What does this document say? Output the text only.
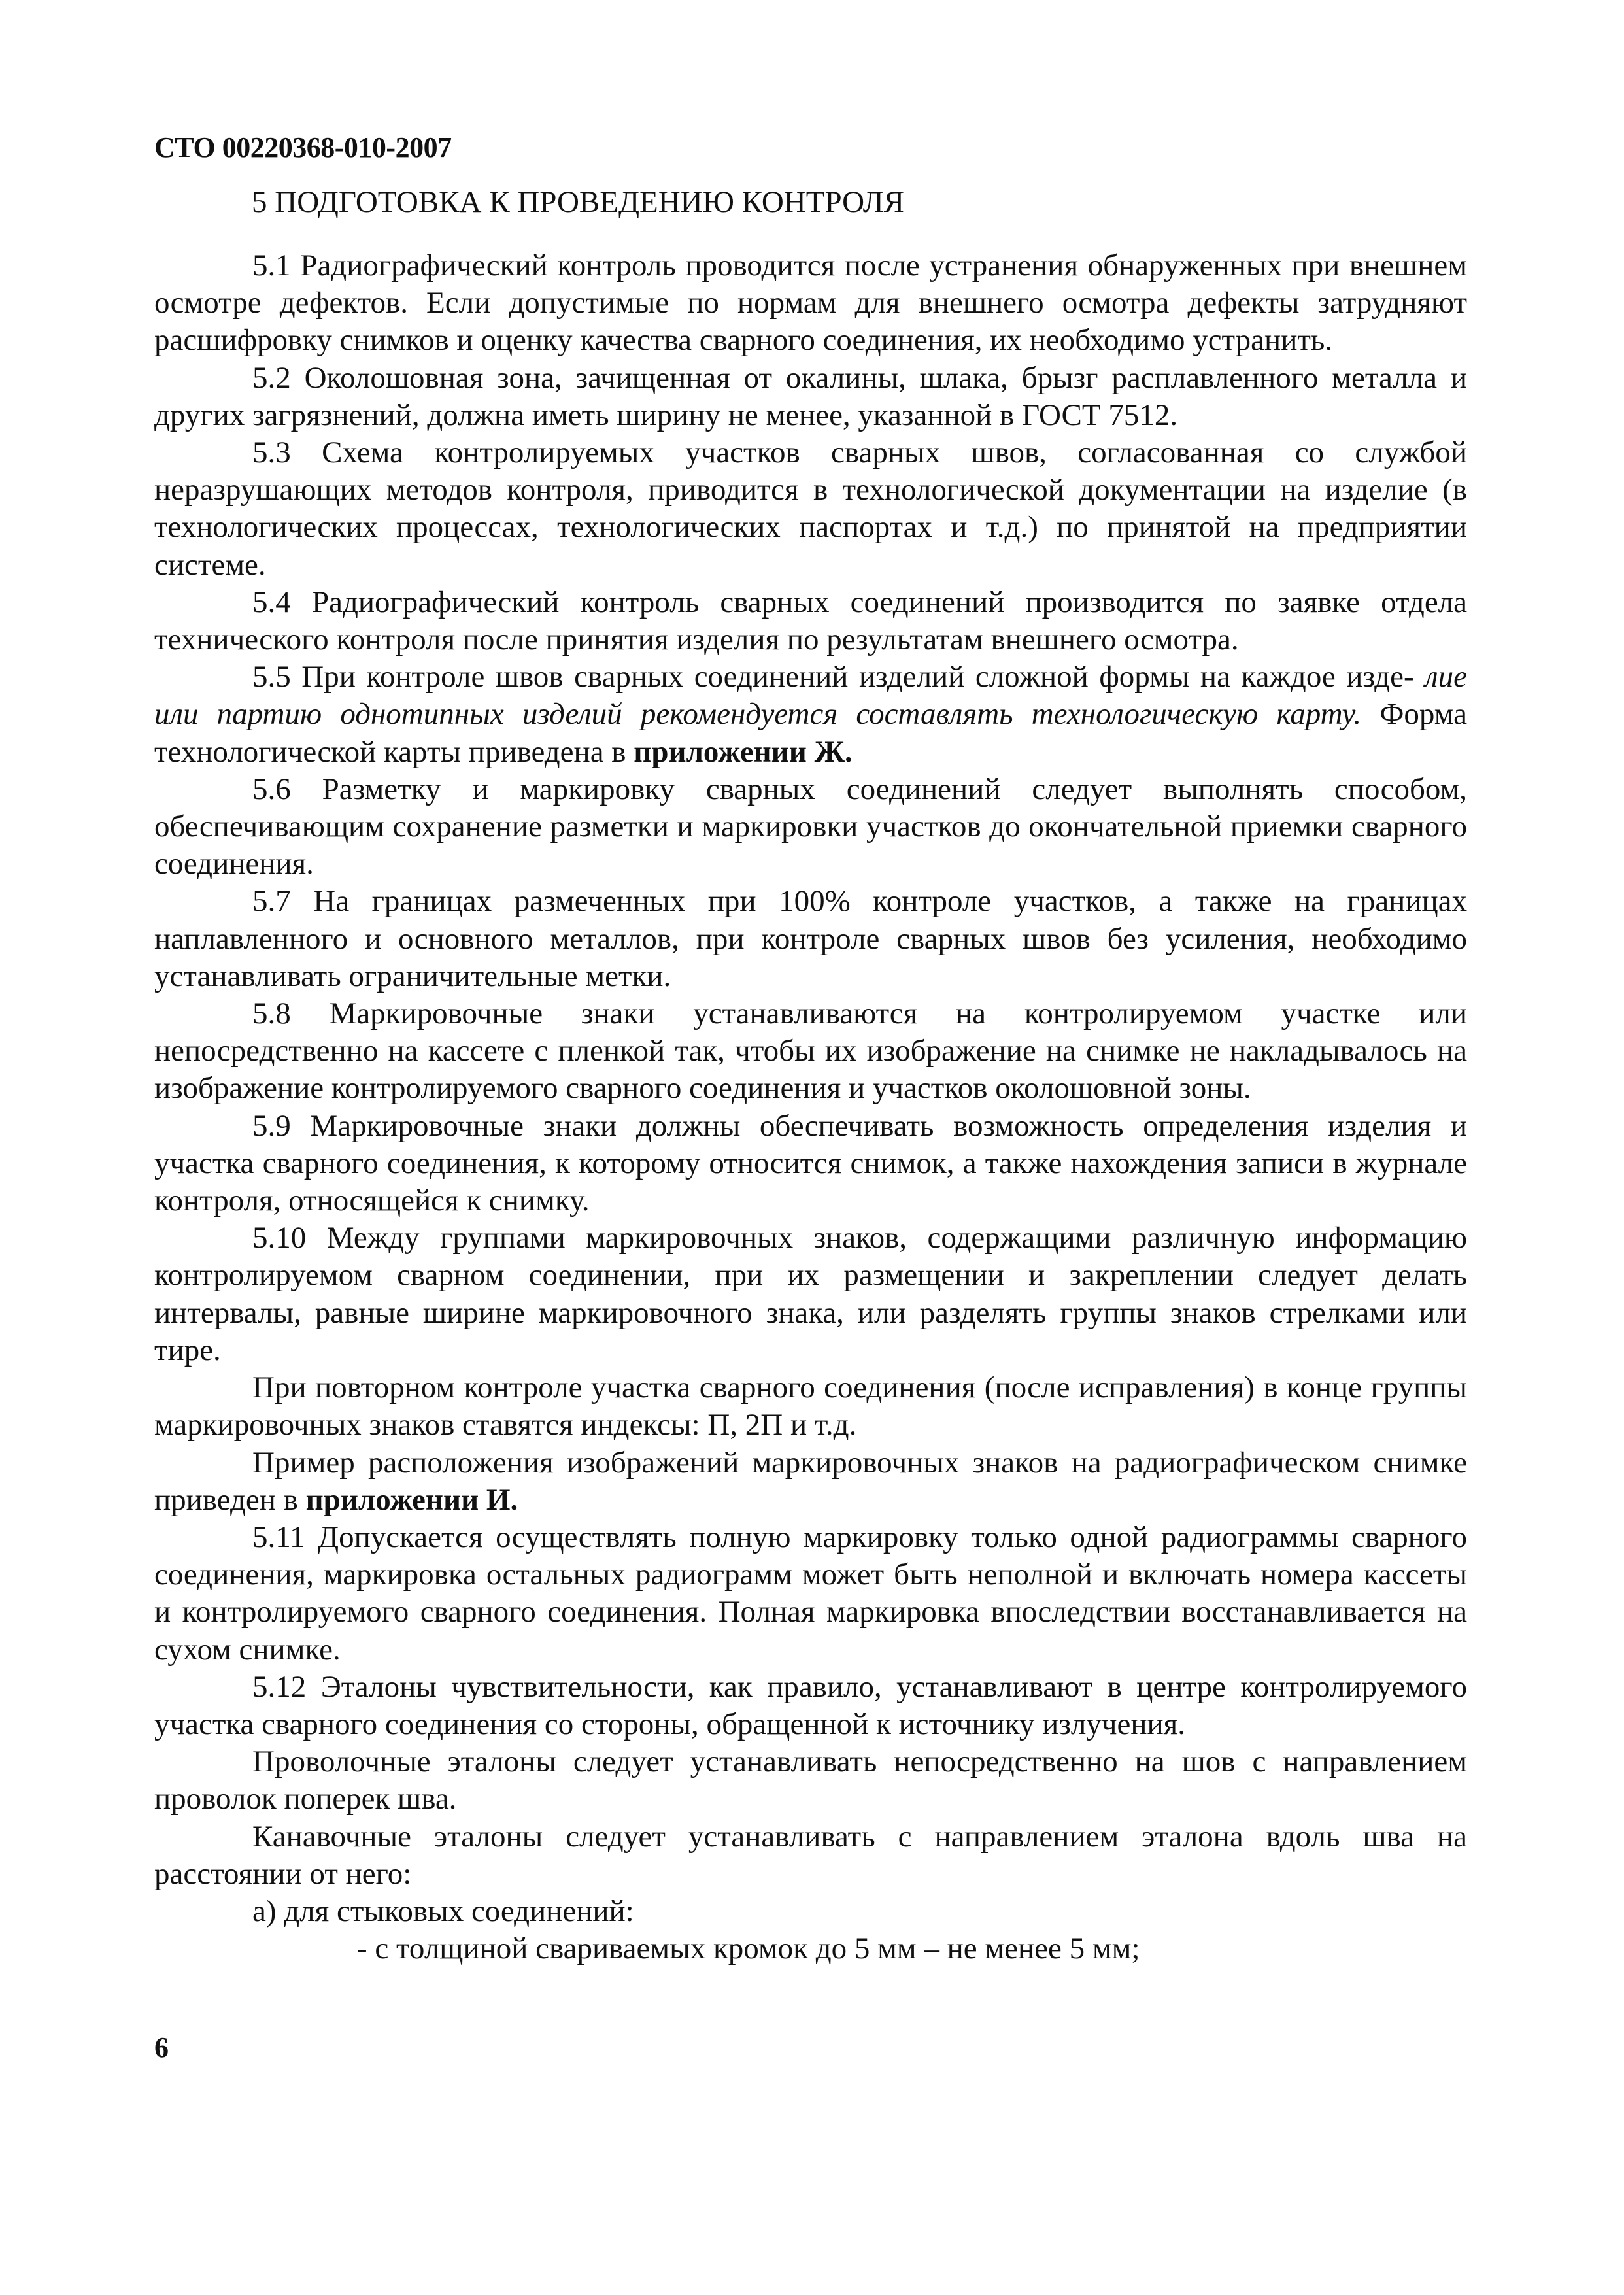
СТО 00220368-010-2007
5 ПОДГОТОВКА К ПРОВЕДЕНИЮ КОНТРОЛЯ

5.1 Радиографический контроль проводится после устранения обнаруженных при внешнем осмотре дефектов. Если допустимые по нормам для внешнего осмотра дефекты затрудняют расшифровку снимков и оценку качества сварного соединения, их необходимо устранить.

5.2 Околошовная зона, зачищенная от окалины, шлака, брызг расплавленного металла и других загрязнений, должна иметь ширину не менее, указанной в ГОСТ 7512.

5.3 Схема контролируемых участков сварных швов, согласованная со службой неразрушающих методов контроля, приводится в технологической документации на изделие (в технологических процессах, технологических паспортах и т.д.) по принятой на предприятии системе.

5.4 Радиографический контроль сварных соединений производится по заявке отдела технического контроля после принятия изделия по результатам внешнего осмотра.

5.5 При контроле швов сварных соединений изделий сложной формы на каждое изде- лие или партию однотипных изделий рекомендуется составлять технологическую карту. Форма технологической карты приведена в приложении Ж.

5.6 Разметку и маркировку сварных соединений следует выполнять способом, обеспечивающим сохранение разметки и маркировки участков до окончательной приемки сварного соединения.

5.7 На границах размеченных при 100% контроле участков, а также на границах наплавленного и основного металлов, при контроле сварных швов без усиления, необходимо устанавливать ограничительные метки.

5.8 Маркировочные знаки устанавливаются на контролируемом участке или непосредственно на кассете с пленкой так, чтобы их изображение на снимке не накладывалось на изображение контролируемого сварного соединения и участков околошовной зоны.

5.9 Маркировочные знаки должны обеспечивать возможность определения изделия и участка сварного соединения, к которому относится снимок, а также нахождения записи в журнале контроля, относящейся к снимку.

5.10 Между группами маркировочных знаков, содержащими различную информацию контролируемом сварном соединении, при их размещении и закреплении следует делать интервалы, равные ширине маркировочного знака, или разделять группы знаков стрелками или тире.

При повторном контроле участка сварного соединения (после исправления) в конце группы маркировочных знаков ставятся индексы: П, 2П и т.д.

Пример расположения изображений маркировочных знаков на радиографическом снимке приведен в приложении И.

5.11 Допускается осуществлять полную маркировку только одной радиограммы сварного соединения, маркировка остальных радиограмм может быть неполной и включать номера кассеты и контролируемого сварного соединения. Полная маркировка впоследствии восстанавливается на сухом снимке.

5.12 Эталоны чувствительности, как правило, устанавливают в центре контролируемого участка сварного соединения со стороны, обращенной к источнику излучения.

Проволочные эталоны следует устанавливать непосредственно на шов с направлением проволок поперек шва.

Канавочные эталоны следует устанавливать с направлением эталона вдоль шва на расстоянии от него:

а) для стыковых соединений:

- с толщиной свариваемых кромок до 5 мм – не менее 5 мм;

6
